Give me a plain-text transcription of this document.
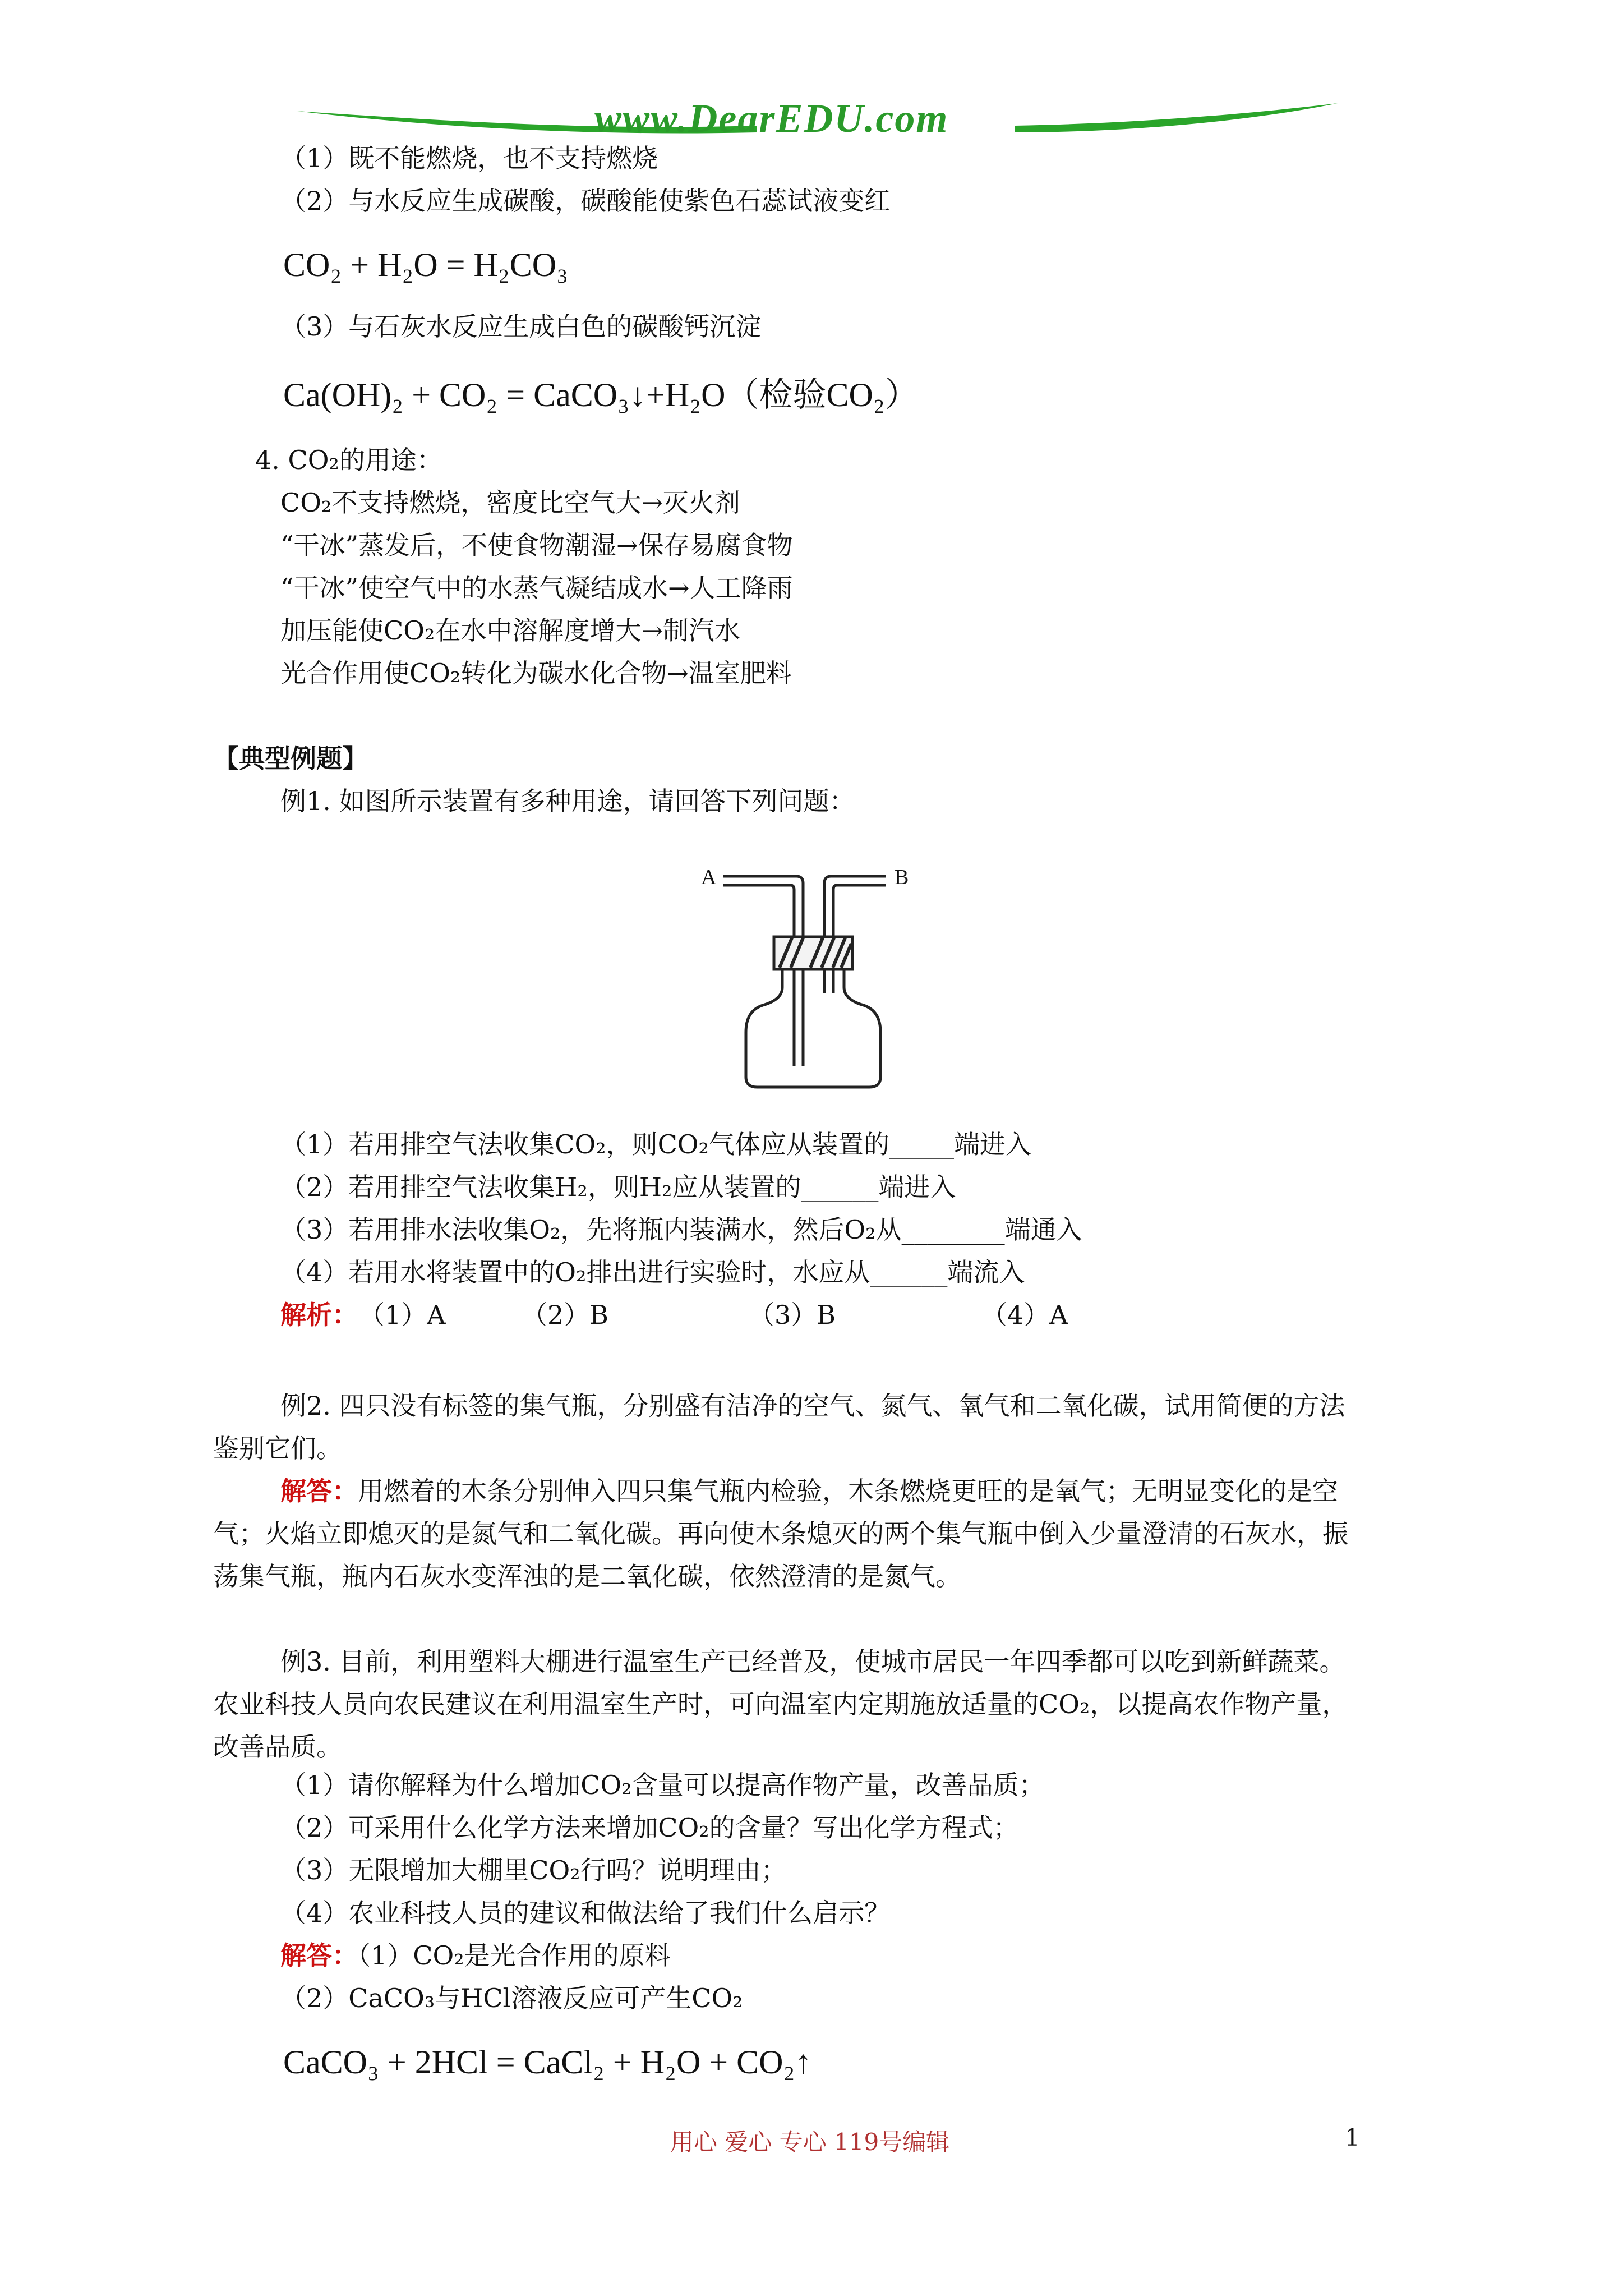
www.DearEDU.com
（1）既不能燃烧，也不支持燃烧
（2）与水反应生成碳酸，碳酸能使紫色石蕊试液变红
CO₂ + H₂O = H₂CO₃
（3）与石灰水反应生成白色的碳酸钙沉淀
Ca(OH)₂ + CO₂ = CaCO₃↓+H₂O（检验CO₂）
4. CO₂的用途：
CO₂不支持燃烧，密度比空气大→灭火剂
“干冰”蒸发后，不使食物潮湿→保存易腐食物
“干冰”使空气中的水蒸气凝结成水→人工降雨
加压能使CO₂在水中溶解度增大→制汽水
光合作用使CO₂转化为碳水化合物→温室肥料
【典型例题】
例1. 如图所示装置有多种用途，请回答下列问题：
A	B
（1）若用排空气法收集CO₂，则CO₂气体应从装置的_____端进入
（2）若用排空气法收集H₂，则H₂应从装置的______端进入
（3）若用排水法收集O₂，先将瓶内装满水，然后O₂从________端通入
（4）若用水将装置中的O₂排出进行实验时，水应从______端流入
解析： （1）A	（2）B	（3）B	（4）A
例2. 四只没有标签的集气瓶，分别盛有洁净的空气、氮气、氧气和二氧化碳，试用简便的方法鉴别它们。
解答：用燃着的木条分别伸入四只集气瓶内检验，木条燃烧更旺的是氧气；无明显变化的是空气；火焰立即熄灭的是氮气和二氧化碳。再向使木条熄灭的两个集气瓶中倒入少量澄清的石灰水，振荡集气瓶，瓶内石灰水变浑浊的是二氧化碳，依然澄清的是氮气。
例3. 目前，利用塑料大棚进行温室生产已经普及，使城市居民一年四季都可以吃到新鲜蔬菜。农业科技人员向农民建议在利用温室生产时，可向温室内定期施放适量的CO₂，以提高农作物产量，改善品质。
（1）请你解释为什么增加CO₂含量可以提高作物产量，改善品质；
（2）可采用什么化学方法来增加CO₂的含量？写出化学方程式；
（3）无限增加大棚里CO₂行吗？说明理由；
（4）农业科技人员的建议和做法给了我们什么启示？
解答：（1）CO₂是光合作用的原料
（2）CaCO₃与HCl溶液反应可产生CO₂
CaCO₃ + 2HCl = CaCl₂ + H₂O + CO₂↑
用心 爱心 专心 119号编辑	1
